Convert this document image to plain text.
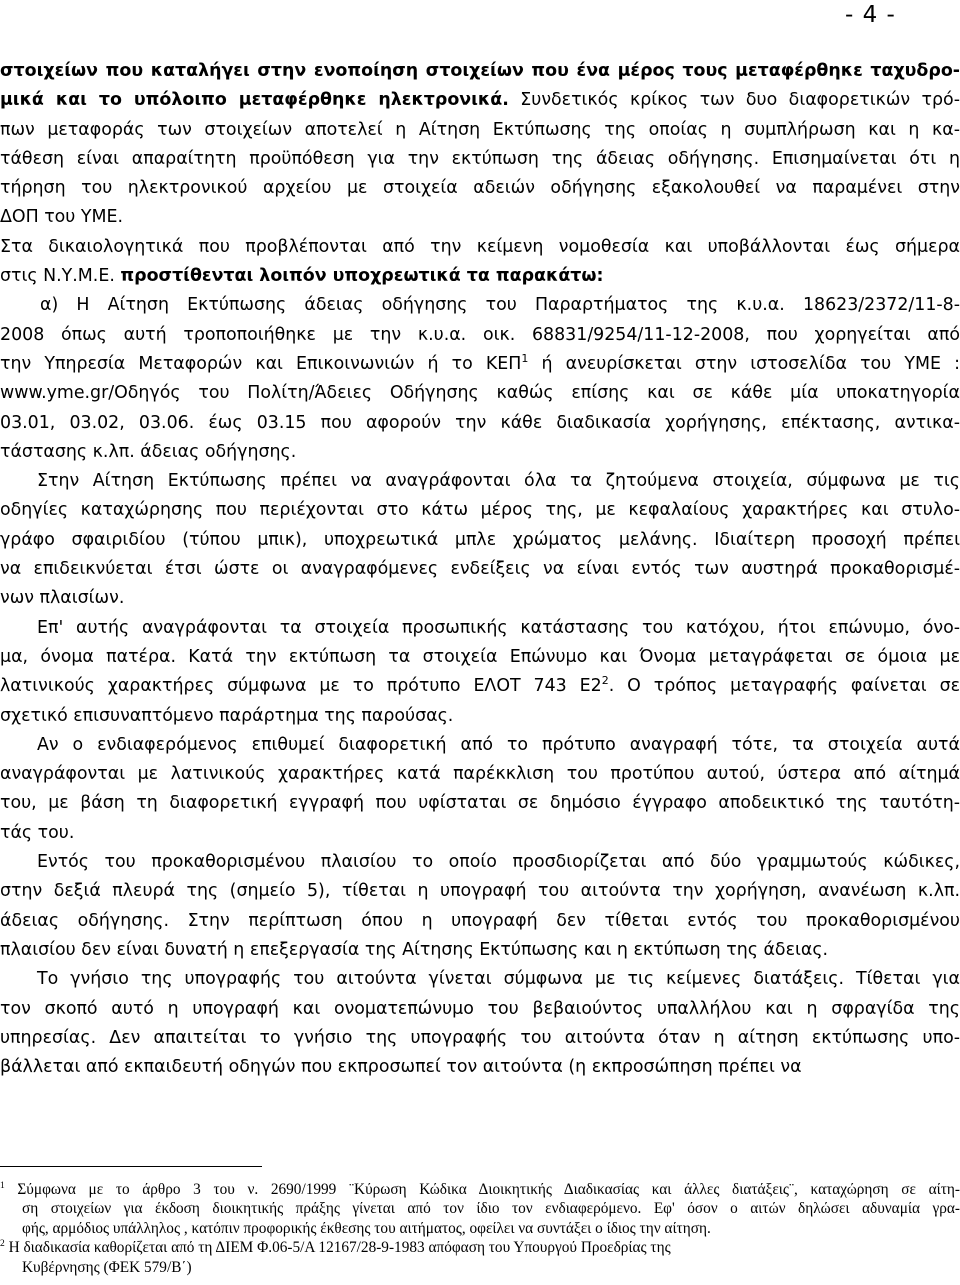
- 4 -
στοιχείων που καταλήγει στην ενοποίηση στοιχείων που ένα μέρος τους μεταφέρθηκε ταχυδρο-
μικά και το υπόλοιπο μεταφέρθηκε ηλεκτρονικά. Συνδετικός κρίκος των δυο διαφορετικών τρό-
πων μεταφοράς των στοιχείων αποτελεί η Αίτηση Εκτύπωσης της οποίας η συμπλήρωση και η κα-
τάθεση είναι απαραίτητη προϋπόθεση για την εκτύπωση της άδειας οδήγησης. Επισημαίνεται ότι η
τήρηση του ηλεκτρονικού αρχείου με στοιχεία αδειών οδήγησης εξακολουθεί να παραμένει στην
ΔΟΠ του ΥΜΕ.
Στα δικαιολογητικά που προβλέπονται από την κείμενη νομοθεσία και υποβάλλονται έως σήμερα
στις Ν.Υ.Μ.Ε. προστίθενται λοιπόν υποχρεωτικά τα παρακάτω:
α) Η Αίτηση Εκτύπωσης άδειας οδήγησης του Παραρτήματος της κ.υ.α. 18623/2372/11-8-
2008 όπως αυτή τροποποιήθηκε με την κ.υ.α. οικ. 68831/9254/11-12-2008, που χορηγείται από
την Υπηρεσία Μεταφορών και Επικοινωνιών ή το ΚΕΠ$^1$ ή ανευρίσκεται στην ιστοσελίδα του ΥΜΕ :
www.yme.gr/Οδηγός του Πολίτη/Άδειες Οδήγησης καθώς επίσης και σε κάθε μία υποκατηγορία
03.01, 03.02, 03.06. έως 03.15 που αφορούν την κάθε διαδικασία χορήγησης, επέκτασης, αντικα-
τάστασης κ.λπ. άδειας οδήγησης.
Στην Αίτηση Εκτύπωσης πρέπει να αναγράφονται όλα τα ζητούμενα στοιχεία, σύμφωνα με τις
οδηγίες καταχώρησης που περιέχονται στο κάτω μέρος της, με κεφαλαίους χαρακτήρες και στυλο-
γράφο σφαιριδίου (τύπου μπικ), υποχρεωτικά μπλε χρώματος μελάνης. Ιδιαίτερη προσοχή πρέπει
να επιδεικνύεται έτσι ώστε οι αναγραφόμενες ενδείξεις να είναι εντός των αυστηρά προκαθορισμέ-
νων πλαισίων.
Επ' αυτής αναγράφονται τα στοιχεία προσωπικής κατάστασης του κατόχου, ήτοι επώνυμο, όνο-
μα, όνομα πατέρα. Κατά την εκτύπωση τα στοιχεία Επώνυμο και Όνομα μεταγράφεται σε όμοια με
λατινικούς χαρακτήρες σύμφωνα με το πρότυπο ΕΛΟΤ 743 $E2^2$. Ο τρόπος μεταγραφής φαίνεται σε
σχετικό επισυναπτόμενο παράρτημα της παρούσας.
Αν ο ενδιαφερόμενος επιθυμεί διαφορετική από το πρότυπο αναγραφή τότε, τα στοιχεία αυτά
αναγράφονται με λατινικούς χαρακτήρες κατά παρέκκλιση του προτύπου αυτού, ύστερα από αίτημά
του, με βάση τη διαφορετική εγγραφή που υφίσταται σε δημόσιο έγγραφο αποδεικτικό της ταυτότη-
τάς του.
Εντός του προκαθορισμένου πλαισίου το οποίο προσδιορίζεται από δύο γραμμωτούς κώδικες,
στην δεξιά πλευρά της (σημείο 5), τίθεται η υπογραφή του αιτούντα την χορήγηση, ανανέωση κ.λπ.
άδειας οδήγησης. Στην περίπτωση όπου η υπογραφή δεν τίθεται εντός του προκαθορισμένου
πλαισίου δεν είναι δυνατή η επεξεργασία της Αίτησης Εκτύπωσης και η εκτύπωση της άδειας.
Το γνήσιο της υπογραφής του αιτούντα γίνεται σύμφωνα με τις κείμενες διατάξεις. Τίθεται για
τον σκοπό αυτό η υπογραφή και ονοματεπώνυμο του βεβαιούντος υπαλλήλου και η σφραγίδα της
υπηρεσίας. Δεν απαιτείται το γνήσιο της υπογραφής του αιτούντα όταν η αίτηση εκτύπωσης υπο-
βάλλεται από εκπαιδευτή οδηγών που εκπροσωπεί τον αιτούντα (η εκπροσώπηση πρέπει να
$^1$ Σύμφωνα με το άρθρο 3 του ν. 2690/1999 ¨Κύρωση Κώδικα Διοικητικής Διαδικασίας και άλλες διατάξεις¨, καταχώρηση σε αίτη-
ση στοιχείων για έκδοση διοικητικής πράξης γίνεται από τον ίδιο τον ενδιαφερόμενο. Εφ' όσον ο αιτών δηλώσει αδυναμία γρα-
φής, αρμόδιος υπάλληλος , κατόπιν προφορικής έκθεσης του αιτήματος, οφείλει να συντάξει ο ίδιος την αίτηση.
$^2$ Η διαδικασία καθορίζεται από τη ΔΙΕΜ Φ.06-5/Α 12167/28-9-1983 απόφαση του Υπουργού Προεδρίας της
Κυβέρνησης (ΦΕΚ 579/Β΄)
